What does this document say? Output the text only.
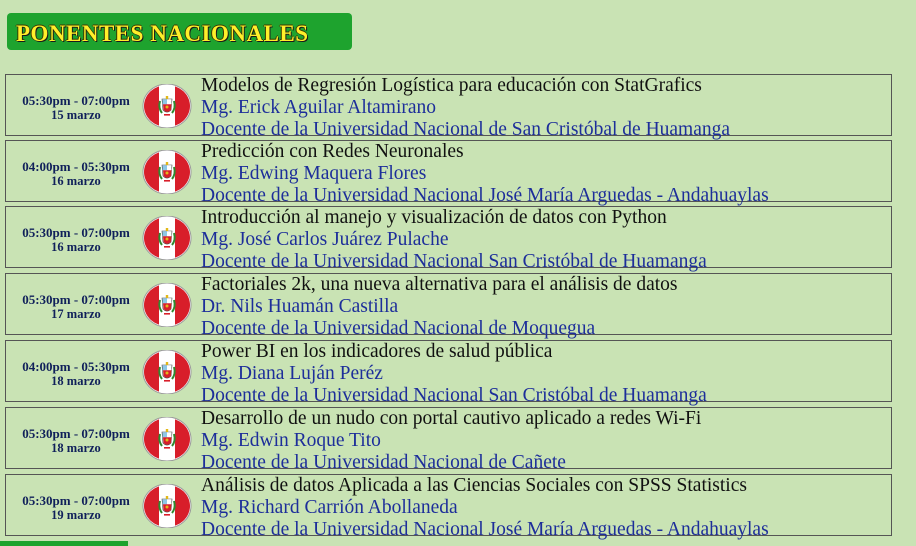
PONENTES NACIONALES
05:30pm - 07:00pm
15 marzo
Modelos de Regresión Logística para educación con StatGrafics
Mg. Erick Aguilar Altamirano
Docente de la Universidad Nacional de San Cristóbal de Huamanga
04:00pm - 05:30pm
16 marzo
Predicción con Redes Neuronales
Mg. Edwing Maquera Flores
Docente de la Universidad Nacional José María Arguedas - Andahuaylas
05:30pm - 07:00pm
16 marzo
Introducción al manejo y visualización de datos con Python
Mg. José Carlos Juárez Pulache
Docente de la Universidad Nacional San Cristóbal de Huamanga
05:30pm - 07:00pm
17 marzo
Factoriales 2k, una nueva alternativa para el análisis de datos
Dr. Nils Huamán Castilla
Docente de la Universidad Nacional de Moquegua
04:00pm - 05:30pm
18 marzo
Power BI en los indicadores de salud pública
Mg. Diana Luján Peréz
Docente de la Universidad Nacional San Cristóbal de Huamanga
05:30pm - 07:00pm
18 marzo
Desarrollo de un nudo con portal cautivo aplicado a redes Wi-Fi
Mg. Edwin Roque Tito
Docente de la Universidad Nacional de Cañete
05:30pm - 07:00pm
19 marzo
Análisis de datos Aplicada a las Ciencias Sociales con SPSS Statistics
Mg. Richard Carrión Abollaneda
Docente de la Universidad Nacional José María Arguedas - Andahuaylas
